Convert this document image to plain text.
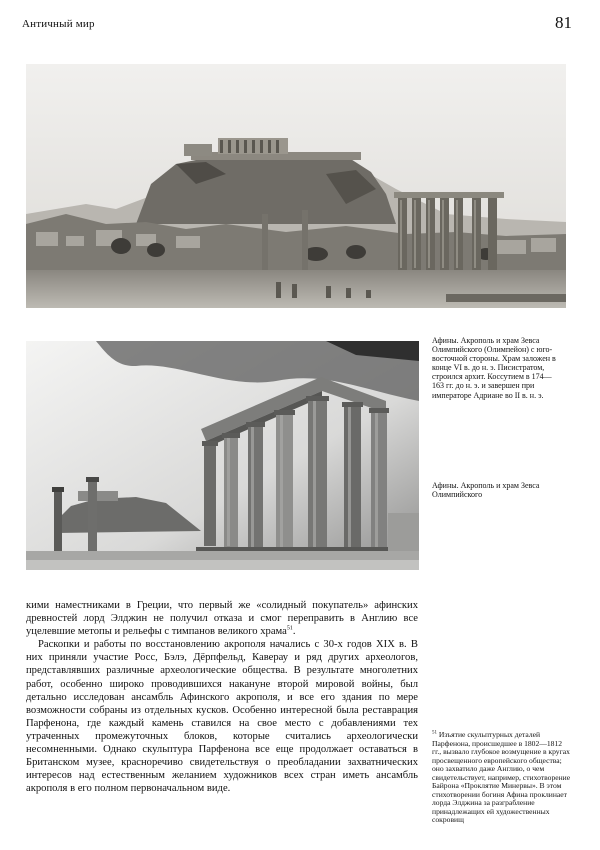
Античный мир	81
Афины. Акрополь и храм Зевса Олимпийского (Олимпейон) с юго-восточной стороны. Храм заложен в конце VI в. до н. э. Писистратом, строился архит. Коссутием в 174—163 гг. до н. э. и завершен при императоре Адриане во II в. н. э.
Афины. Акрополь и храм Зевса Олимпийского

кими наместниками в Греции, что первый же «солидный покупатель» афинских древностей лорд Элджин не получил отказа и смог переправить в Англию все уцелевшие метопы и рельефы с тимпанов великого храма$^{51}$.

Раскопки и работы по восстановлению акрополя начались с 30-х годов XIX в. В них приняли участие Росс, Бэлэ, Дёрпфельд, Кавеpау и ряд других археологов, представлявших различные археологические общества. В результате многолетних работ, особенно широко проводившихся накануне второй мировой войны, был детально исследован ансамбль Афинского акрополя, и все его здания по мере возможности собраны из отдельных кусков. Особенно интересной была реставрация Парфенона, где каждый камень ставился на свое место с добавлениями тех утраченных промежуточных блоков, которые считались археологически несомненными. Однако скульптура Парфенона все еще продолжает оставаться в Британском музее, красноречиво свидетельствуя о преобладании захватнических интересов над естественным желанием художников всех стран иметь ансамбль акрополя в его полном первоначальном виде.

$^{51}$ Изъятие скульптурных деталей Парфенона, происшедшее в 1802—1812 гг., вызвало глубокое возмущение в кругах просвещенного европейского общества; оно захватило даже Англию, о чем свидетельствует, например, стихотворение Байрона «Проклятие Минервы». В этом стихотворении богиня Афина проклинает лорда Элджина за разграбление принадлежащих ей художественных сокровищ
